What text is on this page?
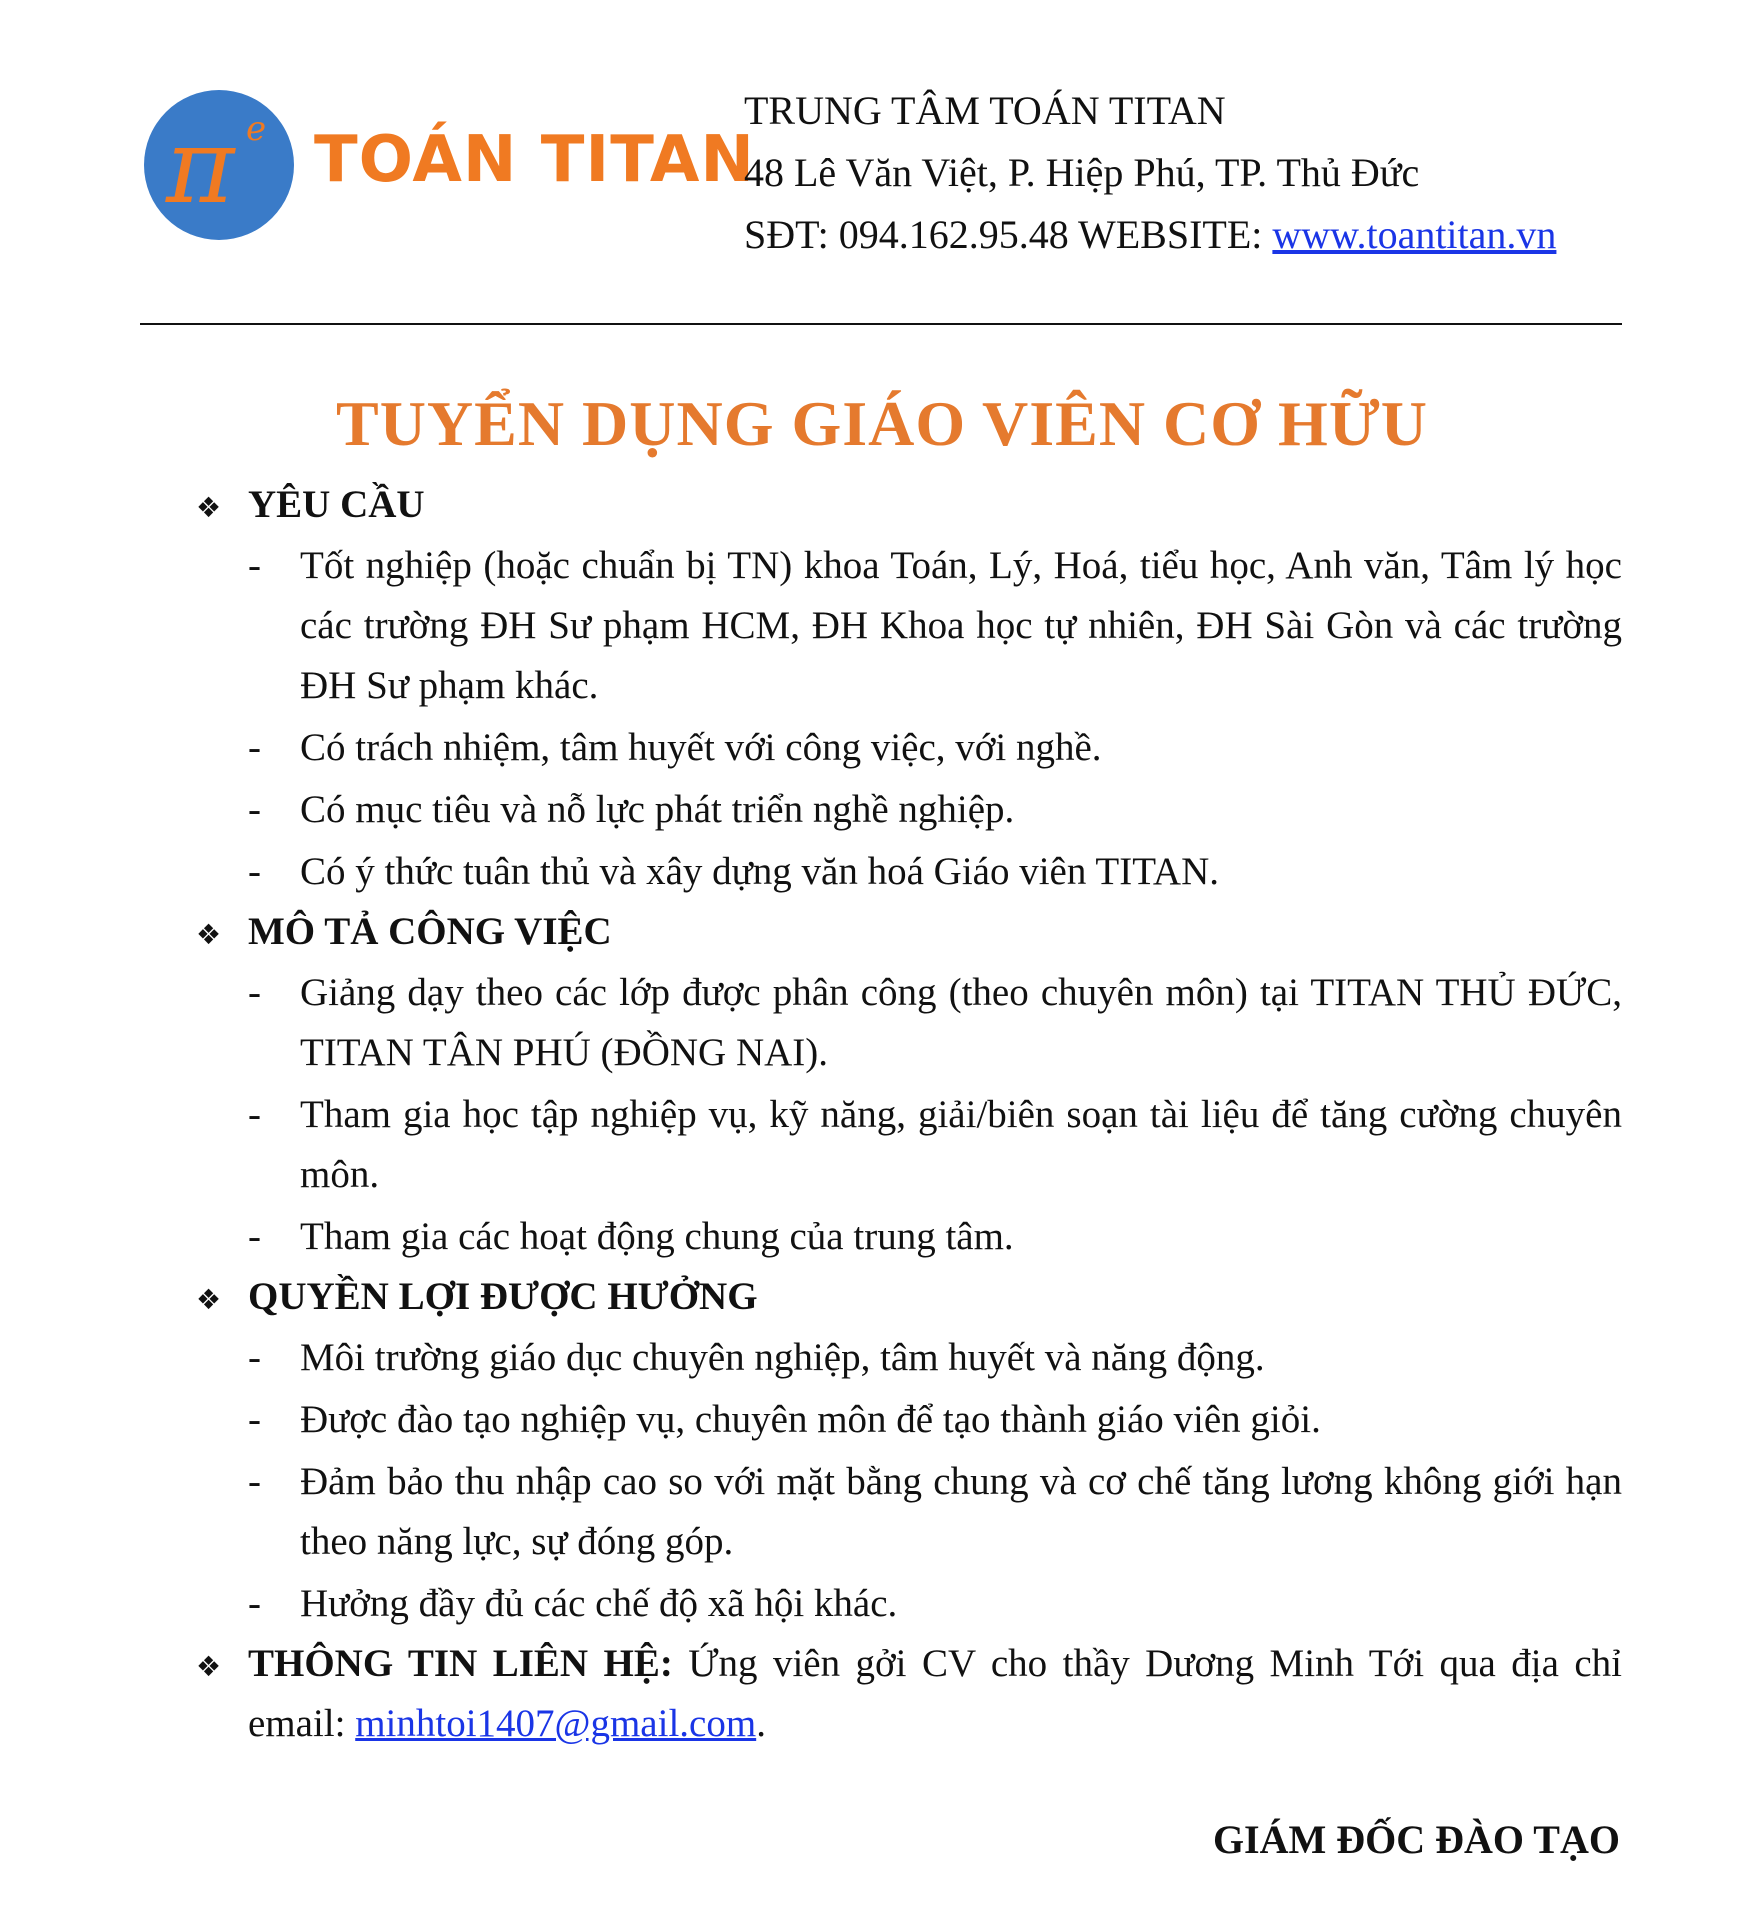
π e TOÁN TITAN
TRUNG TÂM TOÁN TITAN
48 Lê Văn Việt, P. Hiệp Phú, TP. Thủ Đức
SĐT: 094.162.95.48 WEBSITE: www.toantitan.vn
TUYỂN DỤNG GIÁO VIÊN CƠ HỮU
❖ YÊU CẦU
-	Tốt nghiệp (hoặc chuẩn bị TN) khoa Toán, Lý, Hoá, tiểu học, Anh văn, Tâm lý học các trường ĐH Sư phạm HCM, ĐH Khoa học tự nhiên, ĐH Sài Gòn và các trường ĐH Sư phạm khác.
-	Có trách nhiệm, tâm huyết với công việc, với nghề.
-	Có mục tiêu và nỗ lực phát triển nghề nghiệp.
-	Có ý thức tuân thủ và xây dựng văn hoá Giáo viên TITAN.
❖ MÔ TẢ CÔNG VIỆC
-	Giảng dạy theo các lớp được phân công (theo chuyên môn) tại TITAN THỦ ĐỨC, TITAN TÂN PHÚ (ĐỒNG NAI).
-	Tham gia học tập nghiệp vụ, kỹ năng, giải/biên soạn tài liệu để tăng cường chuyên môn.
-	Tham gia các hoạt động chung của trung tâm.
❖ QUYỀN LỢI ĐƯỢC HƯỞNG
-	Môi trường giáo dục chuyên nghiệp, tâm huyết và năng động.
-	Được đào tạo nghiệp vụ, chuyên môn để tạo thành giáo viên giỏi.
-	Đảm bảo thu nhập cao so với mặt bằng chung và cơ chế tăng lương không giới hạn theo năng lực, sự đóng góp.
-	Hưởng đầy đủ các chế độ xã hội khác.
❖ THÔNG TIN LIÊN HỆ: Ứng viên gởi CV cho thầy Dương Minh Tới qua địa chỉ email: minhtoi1407@gmail.com.
GIÁM ĐỐC ĐÀO TẠO
